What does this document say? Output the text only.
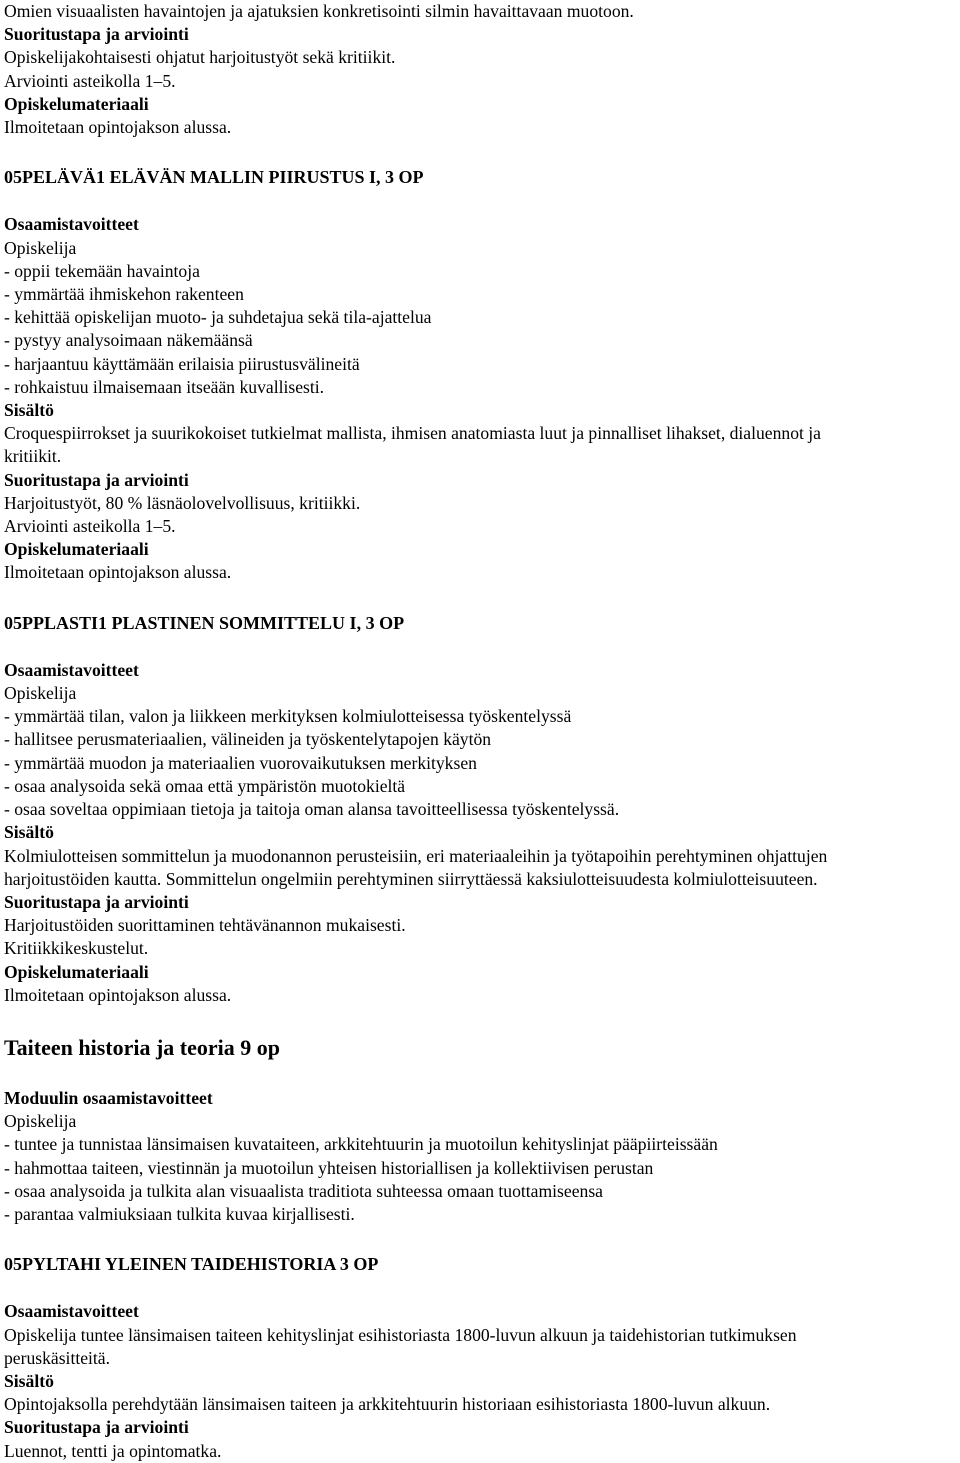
Omien visuaalisten havaintojen ja ajatuksien konkretisointi silmin havaittavaan muotoon.
Suoritustapa ja arviointi
Opiskelijakohtaisesti ohjatut harjoitustyöt sekä kritiikit.
Arviointi asteikolla 1–5.
Opiskelumateriaali
Ilmoitetaan opintojakson alussa.
05PELÄVÄ1 ELÄVÄN MALLIN PIIRUSTUS I, 3 OP
Osaamistavoitteet
Opiskelija
- oppii tekemään havaintoja
- ymmärtää ihmiskehon rakenteen
- kehittää opiskelijan muoto- ja suhdetajua sekä tila-ajattelua
- pystyy analysoimaan näkemäänsä
- harjaantuu käyttämään erilaisia piirustusvälineitä
- rohkaistuu ilmaisemaan itseään kuvallisesti.
Sisältö
Croquespiirrokset ja suurikokoiset tutkielmat mallista, ihmisen anatomiasta luut ja pinnalliset lihakset, dialuennot ja
kritiikit.
Suoritustapa ja arviointi
Harjoitustyöt, 80 % läsnäolovelvollisuus, kritiikki.
Arviointi asteikolla 1–5.
Opiskelumateriaali
Ilmoitetaan opintojakson alussa.
05PPLASTI1 PLASTINEN SOMMITTELU I, 3 OP
Osaamistavoitteet
Opiskelija
- ymmärtää tilan, valon ja liikkeen merkityksen kolmiulotteisessa työskentelyssä
- hallitsee perusmateriaalien, välineiden ja työskentelytapojen käytön
- ymmärtää muodon ja materiaalien vuorovaikutuksen merkityksen
- osaa analysoida sekä omaa että ympäristön muotokieltä
- osaa soveltaa oppimiaan tietoja ja taitoja oman alansa tavoitteellisessa työskentelyssä.
Sisältö
Kolmiulotteisen sommittelun ja muodonannon perusteisiin, eri materiaaleihin ja työtapoihin perehtyminen ohjattujen
harjoitustöiden kautta. Sommittelun ongelmiin perehtyminen siirryttäessä kaksiulotteisuudesta kolmiulotteisuuteen.
Suoritustapa ja arviointi
Harjoitustöiden suorittaminen tehtävänannon mukaisesti.
Kritiikkikeskustelut.
Opiskelumateriaali
Ilmoitetaan opintojakson alussa.
Taiteen historia ja teoria 9 op
Moduulin osaamistavoitteet
Opiskelija
- tuntee ja tunnistaa länsimaisen kuvataiteen, arkkitehtuurin ja muotoilun kehityslinjat pääpiirteissään
- hahmottaa taiteen, viestinnän ja muotoilun yhteisen historiallisen ja kollektiivisen perustan
- osaa analysoida ja tulkita alan visuaalista traditiota suhteessa omaan tuottamiseensa
- parantaa valmiuksiaan tulkita kuvaa kirjallisesti.
05PYLTAHI YLEINEN TAIDEHISTORIA 3 OP
Osaamistavoitteet
Opiskelija tuntee länsimaisen taiteen kehityslinjat esihistoriasta 1800-luvun alkuun ja taidehistorian tutkimuksen
peruskäsitteitä.
Sisältö
Opintojaksolla perehdytään länsimaisen taiteen ja arkkitehtuurin historiaan esihistoriasta 1800-luvun alkuun.
Suoritustapa ja arviointi
Luennot, tentti ja opintomatka.
